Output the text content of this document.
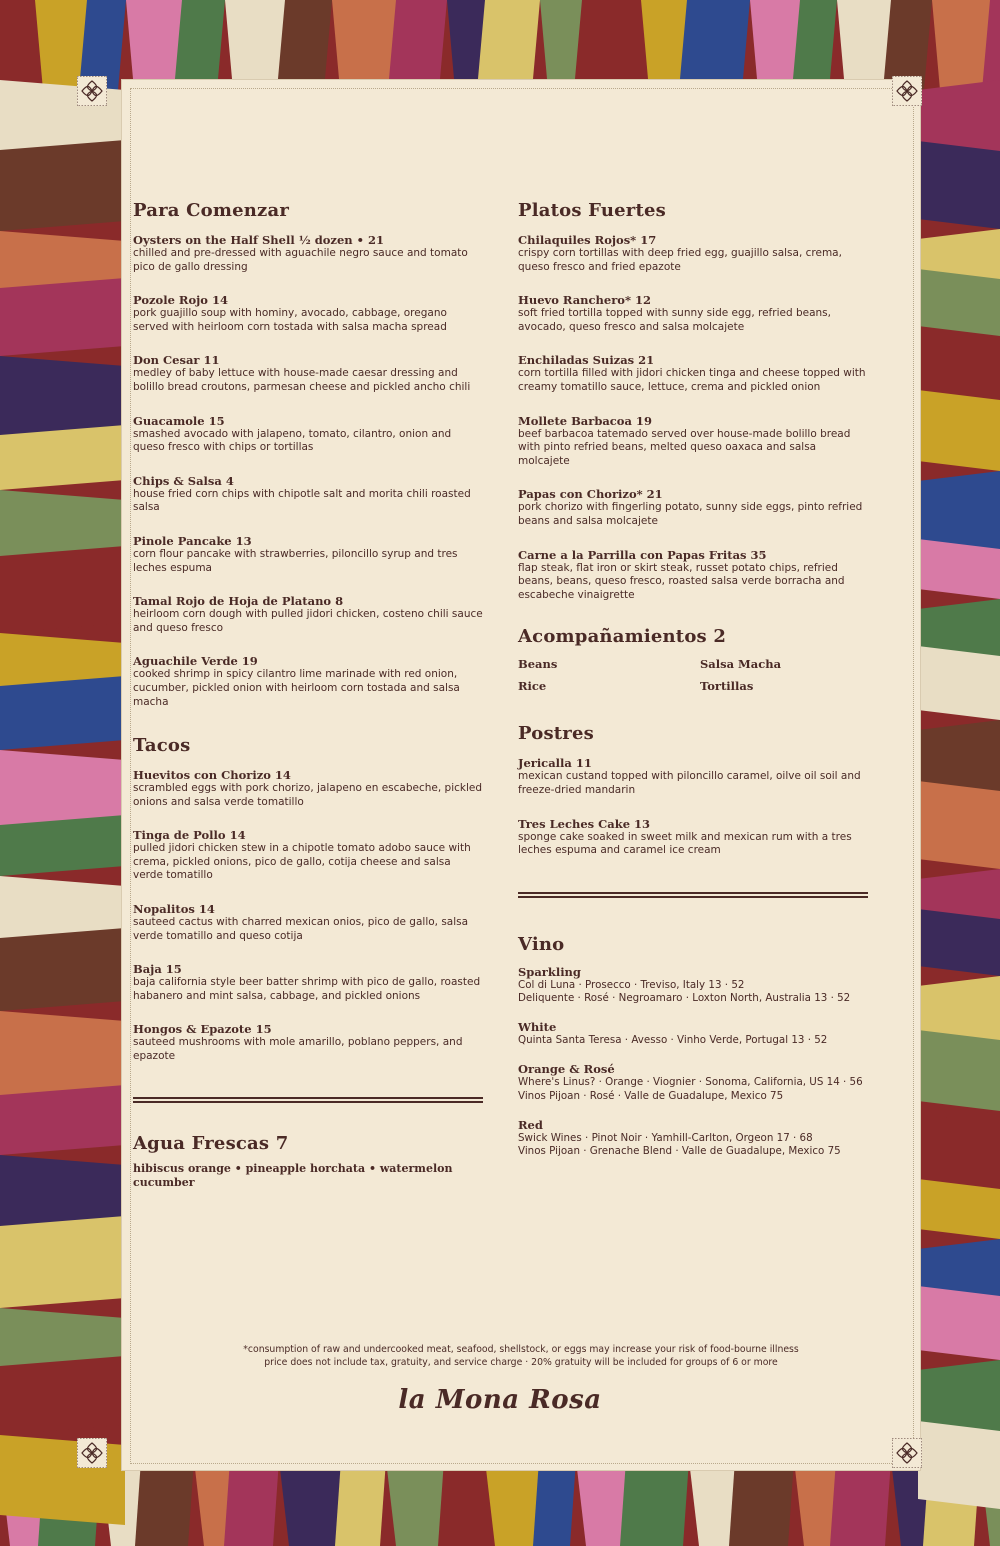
Para Comenzar
Oysters on the Half Shell ½ dozen • 21
chilled and pre-dressed with aguachile negro sauce and tomato pico de gallo dressing
Pozole Rojo 14
pork guajillo soup with hominy, avocado, cabbage, oregano served with heirloom corn tostada with salsa macha spread
Don Cesar 11
medley of baby lettuce with house-made caesar dressing and bolillo bread croutons, parmesan cheese and pickled ancho chili
Guacamole 15
smashed avocado with jalapeno, tomato, cilantro, onion and queso fresco with chips or tortillas
Chips & Salsa 4
house fried corn chips with chipotle salt and morita chili roasted salsa
Pinole Pancake 13
corn flour pancake with strawberries, piloncillo syrup and tres leches espuma
Tamal Rojo de Hoja de Platano 8
heirloom corn dough with pulled jidori chicken, costeno chili sauce and queso fresco
Aguachile Verde 19
cooked shrimp in spicy cilantro lime marinade with red onion, cucumber, pickled onion with heirloom corn tostada and salsa macha
Tacos
Huevitos con Chorizo 14
scrambled eggs with pork chorizo, jalapeno en escabeche, pickled onions and salsa verde tomatillo
Tinga de Pollo 14
pulled jidori chicken stew in a chipotle tomato adobo sauce with crema, pickled onions, pico de gallo, cotija cheese and salsa verde tomatillo
Nopalitos 14
sauteed cactus with charred mexican onios, pico de gallo, salsa verde tomatillo and queso cotija
Baja 15
baja california style beer batter shrimp with pico de gallo, roasted habanero and mint salsa, cabbage, and pickled onions
Hongos & Epazote 15
sauteed mushrooms with mole amarillo, poblano peppers, and epazote
Agua Frescas 7
hibiscus orange • pineapple horchata • watermelon cucumber
Platos Fuertes
Chilaquiles Rojos* 17
crispy corn tortillas with deep fried egg, guajillo salsa, crema, queso fresco and fried epazote
Huevo Ranchero* 12
soft fried tortilla topped with sunny side egg, refried beans, avocado, queso fresco and salsa molcajete
Enchiladas Suizas 21
corn tortilla filled with jidori chicken tinga and cheese topped with creamy tomatillo sauce, lettuce, crema and pickled onion
Mollete Barbacoa 19
beef barbacoa tatemado served over house-made bolillo bread with pinto refried beans, melted queso oaxaca and salsa molcajete
Papas con Chorizo* 21
pork chorizo with fingerling potato, sunny side eggs, pinto refried beans and salsa molcajete
Carne a la Parrilla con Papas Fritas 35
flap steak, flat iron or skirt steak, russet potato chips, refried beans, beans, queso fresco, roasted salsa verde borracha and escabeche vinaigrette
Acompañamientos 2
Beans	Salsa Macha
Rice	Tortillas
Postres
Jericalla 11
mexican custand topped with piloncillo caramel, oilve oil soil and freeze-dried mandarin
Tres Leches Cake 13
sponge cake soaked in sweet milk and mexican rum with a tres leches espuma and caramel ice cream
Vino
Sparkling
Col di Luna · Prosecco · Treviso, Italy 13 · 52
Deliquente · Rosé · Negroamaro · Loxton North, Australia 13 · 52
White
Quinta Santa Teresa · Avesso · Vinho Verde, Portugal 13 · 52
Orange & Rosé
Where's Linus? · Orange · Viognier · Sonoma, California, US 14 · 56
Vinos Pijoan · Rosé · Valle de Guadalupe, Mexico 75
Red
Swick Wines · Pinot Noir · Yamhill-Carlton, Orgeon 17 · 68
Vinos Pijoan · Grenache Blend · Valle de Guadalupe, Mexico 75
*consumption of raw and undercooked meat, seafood, shellstock, or eggs may increase your risk of food-bourne illness
price does not include tax, gratuity, and service charge · 20% gratuity will be included for groups of 6 or more
la Mona Rosa
